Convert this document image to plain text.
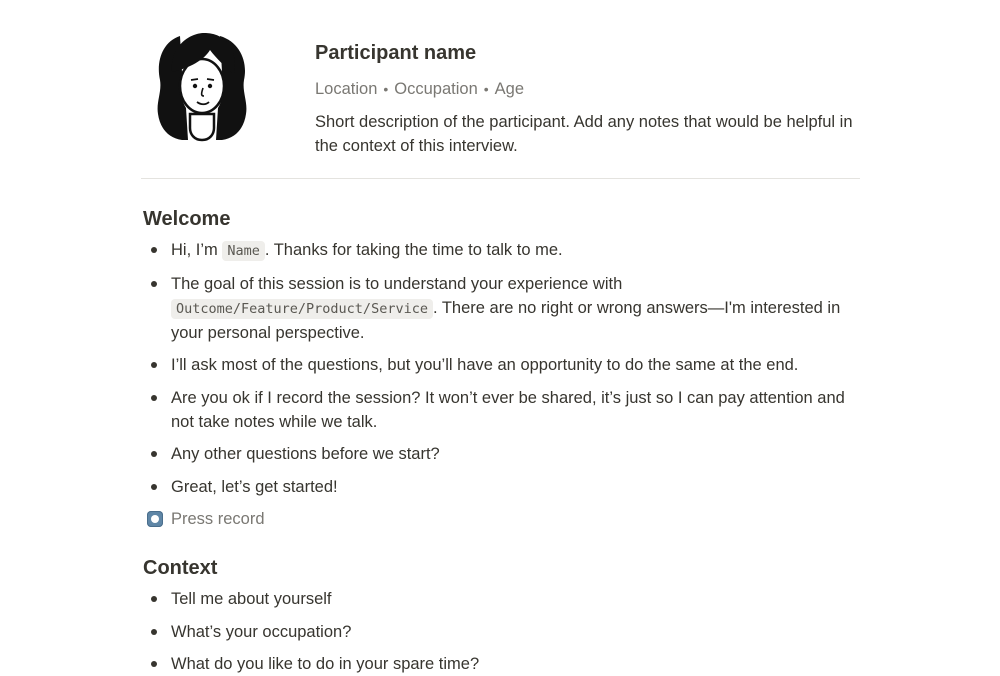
Participant name
Location • Occupation • Age
Short description of the participant. Add any notes that would be helpful in the context of this interview.
Welcome
Hi, I’m Name . Thanks for taking the time to talk to me.
The goal of this session is to understand your experience with Outcome/Feature/Product/Service . There are no right or wrong answers—I'm interested in your personal perspective.
I’ll ask most of the questions, but you’ll have an opportunity to do the same at the end.
Are you ok if I record the session? It won’t ever be shared, it’s just so I can pay attention and not take notes while we talk.
Any other questions before we start?
Great, let’s get started!
Press record
Context
Tell me about yourself
What’s your occupation?
What do you like to do in your spare time?
